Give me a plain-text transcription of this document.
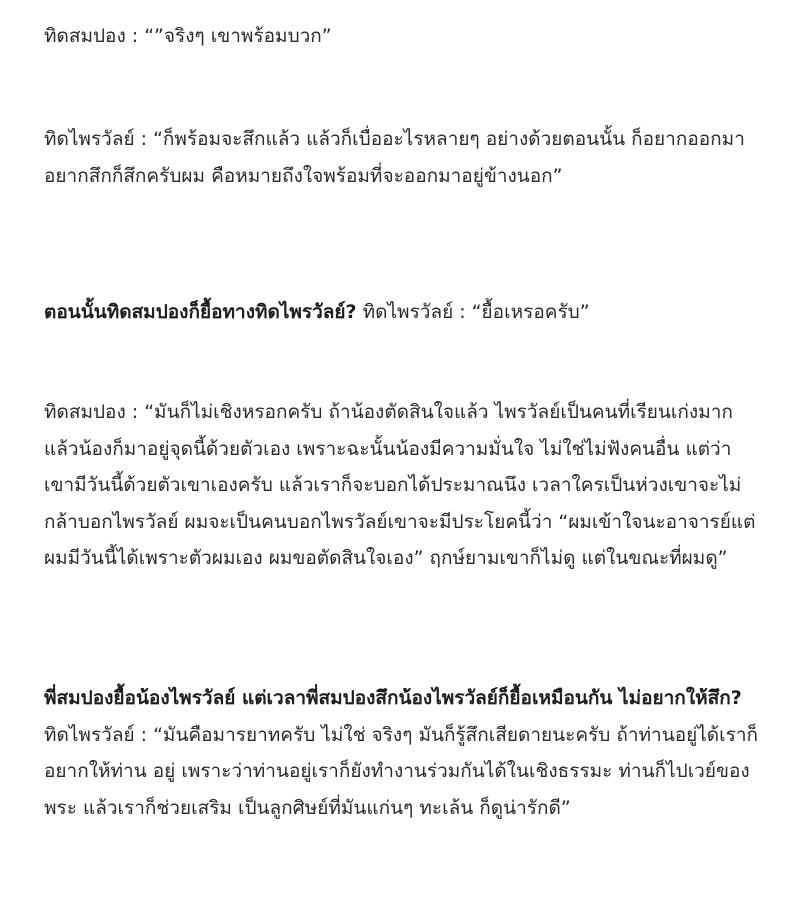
ทิดสมปอง : “”จริงๆ เขาพร้อมบวก”

ทิดไพรวัลย์ : “ก็พร้อมจะสึกแล้ว แล้วก็เบื่ออะไรหลายๆ อย่างด้วยตอนนั้น ก็อยากออกมา อยากสึกก็สึกครับผม คือหมายถึงใจพร้อมที่จะออกมาอยู่ข้างนอก”

ตอนนั้นทิดสมปองก็ยื้อทางทิดไพรวัลย์? ทิดไพรวัลย์ : “ยื้อเหรอครับ”

ทิดสมปอง : “มันก็ไม่เชิงหรอกครับ ถ้าน้องตัดสินใจแล้ว ไพรวัลย์เป็นคนที่เรียนเก่งมาก แล้วน้องก็มาอยู่จุดนี้ด้วยตัวเอง เพราะฉะนั้นน้องมีความมั่นใจ ไม่ใช่ไม่ฟังคนอื่น แต่ว่าเขามีวันนี้ด้วยตัวเขาเองครับ แล้วเราก็จะบอกได้ประมาณนึง เวลาใครเป็นห่วงเขาจะไม่กล้าบอกไพรวัลย์ ผมจะเป็นคนบอกไพรวัลย์เขาจะมีประโยคนี้ว่า “ผมเข้าใจนะอาจารย์แต่ผมมีวันนี้ได้เพราะตัวผมเอง ผมขอตัดสินใจเอง” ฤกษ์ยามเขาก็ไม่ดู แต่ในขณะที่ผมดู”

พี่สมปองยื้อน้องไพรวัลย์ แต่เวลาพี่สมปองสึกน้องไพรวัลย์ก็ยื้อเหมือนกัน ไม่อยากให้สึก? ทิดไพรวัลย์ : “มันคือมารยาทครับ ไม่ใช่ จริงๆ มันก็รู้สึกเสียดายนะครับ ถ้าท่านอยู่ได้เราก็อยากให้ท่าน อยู่ เพราะว่าท่านอยู่เราก็ยังทำงานร่วมกันได้ในเชิงธรรมะ ท่านก็ไปเวย์ของพระ แล้วเราก็ช่วยเสริม เป็นลูกศิษย์ที่มันแก่นๆ ทะเล้น ก็ดูน่ารักดี”
